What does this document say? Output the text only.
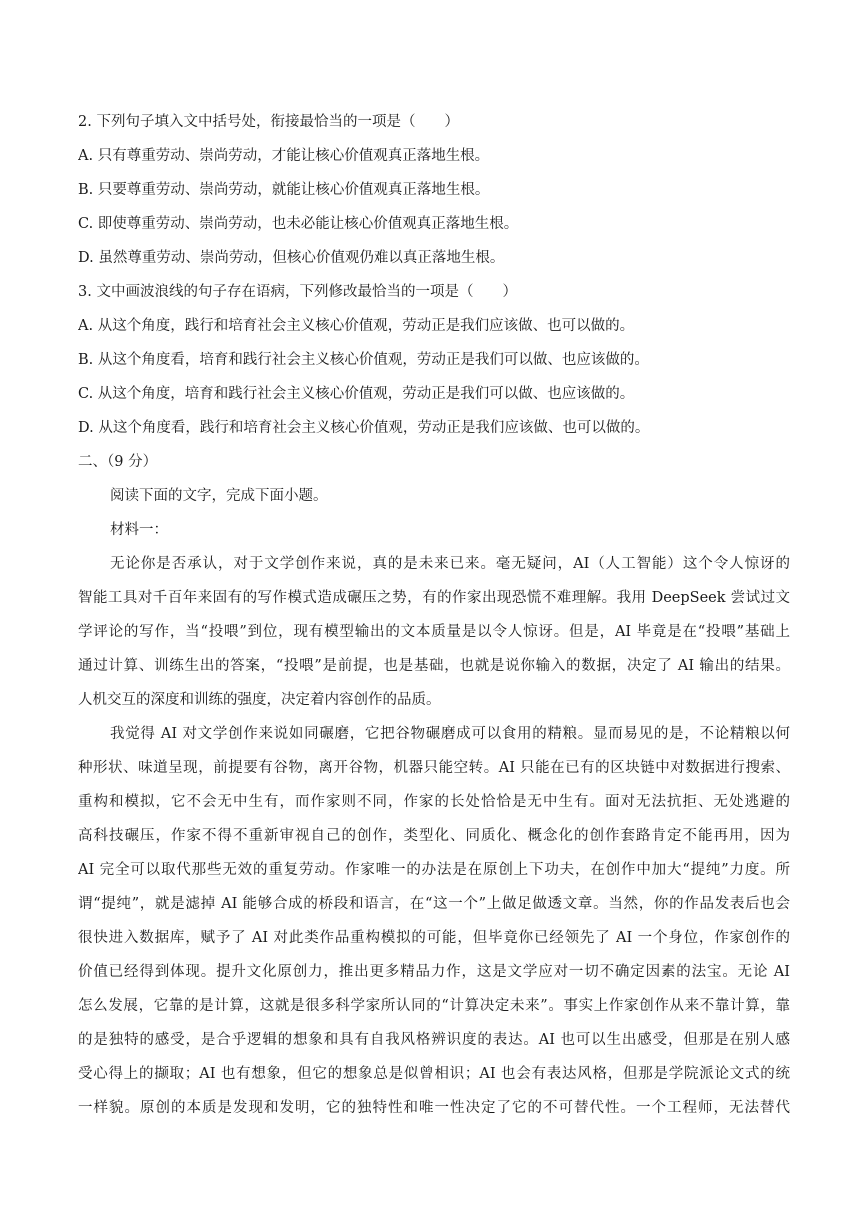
2. 下列句子填入文中括号处，衔接最恰当的一项是（　　）
A. 只有尊重劳动、崇尚劳动，才能让核心价值观真正落地生根。
B. 只要尊重劳动、崇尚劳动，就能让核心价值观真正落地生根。
C. 即使尊重劳动、崇尚劳动，也未必能让核心价值观真正落地生根。
D. 虽然尊重劳动、崇尚劳动，但核心价值观仍难以真正落地生根。
3. 文中画波浪线的句子存在语病，下列修改最恰当的一项是（　　）
A. 从这个角度，践行和培育社会主义核心价值观，劳动正是我们应该做、也可以做的。
B. 从这个角度看，培育和践行社会主义核心价值观，劳动正是我们可以做、也应该做的。
C. 从这个角度，培育和践行社会主义核心价值观，劳动正是我们可以做、也应该做的。
D. 从这个角度看，践行和培育社会主义核心价值观，劳动正是我们应该做、也可以做的。
二、（9 分）
阅读下面的文字，完成下面小题。
材料一：
无论你是否承认，对于文学创作来说，真的是未来已来。毫无疑问，AI（人工智能）这个令人惊讶的
智能工具对千百年来固有的写作模式造成碾压之势，有的作家出现恐慌不难理解。我用 DeepSeek 尝试过文
学评论的写作，当“投喂”到位，现有模型输出的文本质量是以令人惊讶。但是，AI 毕竟是在“投喂”基础上
通过计算、训练生出的答案，“投喂”是前提，也是基础，也就是说你输入的数据，决定了 AI 输出的结果。
人机交互的深度和训练的强度，决定着内容创作的品质。
我觉得 AI 对文学创作来说如同碾磨，它把谷物碾磨成可以食用的精粮。显而易见的是，不论精粮以何
种形状、味道呈现，前提要有谷物，离开谷物，机器只能空转。AI 只能在已有的区块链中对数据进行搜索、
重构和模拟，它不会无中生有，而作家则不同，作家的长处恰恰是无中生有。面对无法抗拒、无处逃避的
高科技碾压，作家不得不重新审视自己的创作，类型化、同质化、概念化的创作套路肯定不能再用，因为
AI 完全可以取代那些无效的重复劳动。作家唯一的办法是在原创上下功夫，在创作中加大“提纯”力度。所
谓“提纯”，就是滤掉 AI 能够合成的桥段和语言，在“这一个”上做足做透文章。当然，你的作品发表后也会
很快进入数据库，赋予了 AI 对此类作品重构模拟的可能，但毕竟你已经领先了 AI 一个身位，作家创作的
价值已经得到体现。提升文化原创力，推出更多精品力作，这是文学应对一切不确定因素的法宝。无论 AI
怎么发展，它靠的是计算，这就是很多科学家所认同的“计算决定未来”。事实上作家创作从来不靠计算，靠
的是独特的感受，是合乎逻辑的想象和具有自我风格辨识度的表达。AI 也可以生出感受，但那是在别人感
受心得上的撷取；AI 也有想象，但它的想象总是似曾相识；AI 也会有表达风格，但那是学院派论文式的统
一样貌。原创的本质是发现和发明，它的独特性和唯一性决定了它的不可替代性。一个工程师，无法替代
